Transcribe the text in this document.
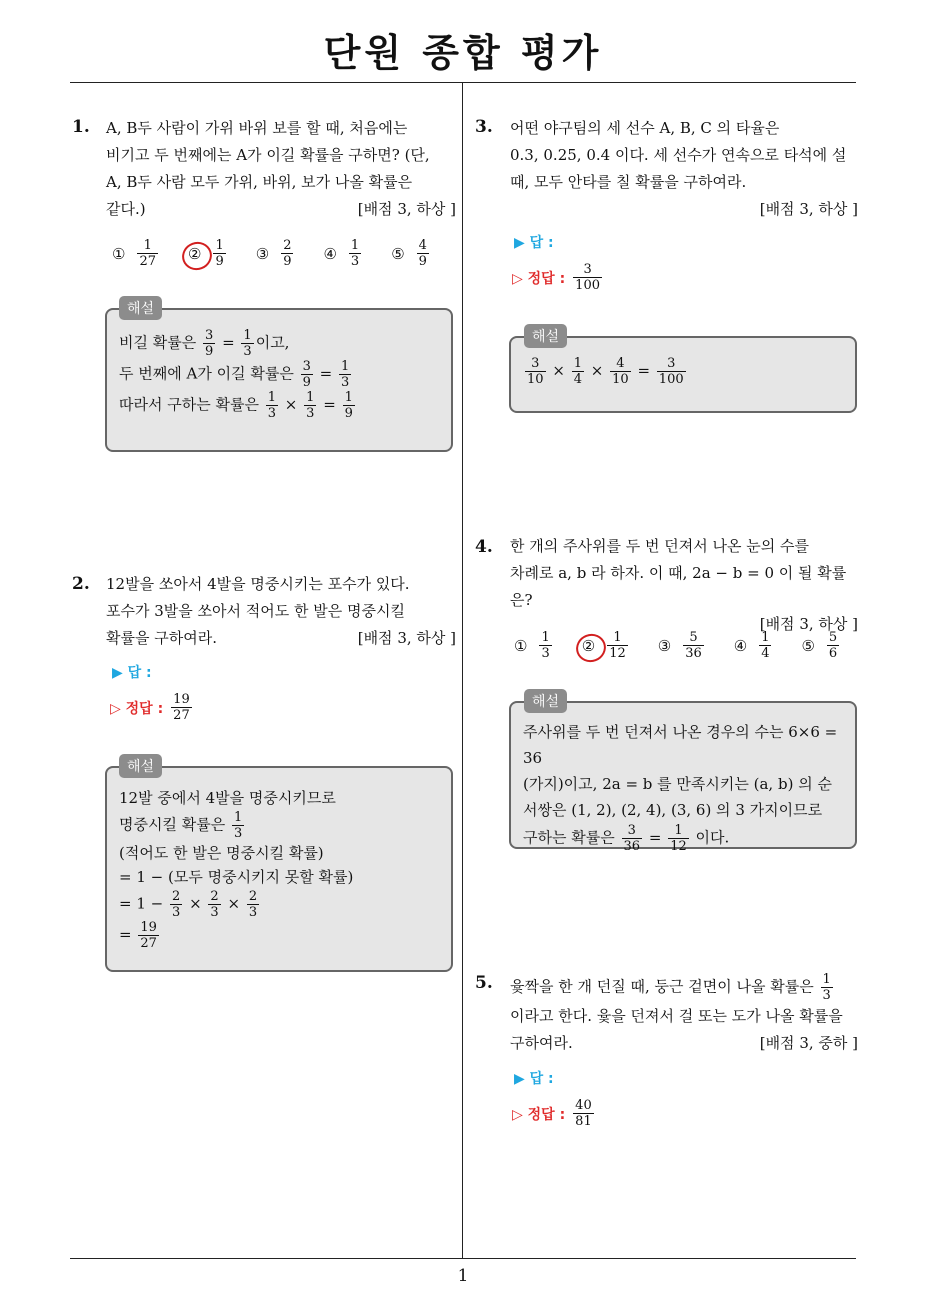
단원 종합 평가
1. A, B두 사람이 가위 바위 보를 할 때, 처음에는
비기고 두 번째에는 A가 이길 확률을 구하면? (단,
A, B두 사람 모두 가위, 바위, 보가 나올 확률은
같다.)	[배점 3, 하상 ]
① $\frac{1}{27}$ ② $\frac{1}{9}$ ③ $\frac{2}{9}$ ④ $\frac{1}{3}$ ⑤ $\frac{4}{9}$
비길 확률은 $\frac{3}{9} = \frac{1}{3}$ 이고,
두 번째에 A가 이길 확률은 $\frac{3}{9} = \frac{1}{3}$
따라서 구하는 확률은 $\frac{1}{3} \times \frac{1}{3} = \frac{1}{9}$
해설
2. 12발을 쏘아서 4발을 명중시키는 포수가 있다.
포수가 3발을 쏘아서 적어도 한 발은 명중시킬
확률을 구하여라.	[배점 3, 하상 ]
▶ 답 :
▷ 정답 : $\frac{19}{27}$
12발 중에서 4발을 명중시키므로
명중시킬 확률은 $\frac{1}{3}$
(적어도 한 발은 명중시킬 확률)
= 1 − (모두 명중시키지 못할 확률)
= $1 - \frac{2}{3} \times \frac{2}{3} \times \frac{2}{3}$
= $\frac{19}{27}$
해설
3. 어떤 야구팀의 세 선수 A, B, C 의 타율은
0.3, 0.25, 0.4 이다. 세 선수가 연속으로 타석에 설
때, 모두 안타를 칠 확률을 구하여라.
[배점 3, 하상 ]
▶ 답 :
▷ 정답 : $\frac{3}{100}$
$\frac{3}{10} \times \frac{1}{4} \times \frac{4}{10} = \frac{3}{100}$
해설
4. 한 개의 주사위를 두 번 던져서 나온 눈의 수를
차례로 a, b 라 하자. 이 때, 2a − b = 0 이 될 확률은?
[배점 3, 하상 ]
① $\frac{1}{3}$ ② $\frac{1}{12}$ ③ $\frac{5}{36}$ ④ $\frac{1}{4}$ ⑤ $\frac{5}{6}$
주사위를 두 번 던져서 나온 경우의 수는 6×6 = 36
(가지)이고, 2a = b 를 만족시키는 (a, b) 의 순
서쌍은 (1, 2), (2, 4), (3, 6) 의 3 가지이므로
구하는 확률은 $\frac{3}{36} = \frac{1}{12}$ 이다.
해설
5. 윷짝을 한 개 던질 때, 둥근 겉면이 나올 확률은 $\frac{1}{3}$
이라고 한다. 윷을 던져서 걸 또는 도가 나올 확률을
구하여라.	[배점 3, 중하 ]
▶ 답 :
▷ 정답 : $\frac{40}{81}$
1
